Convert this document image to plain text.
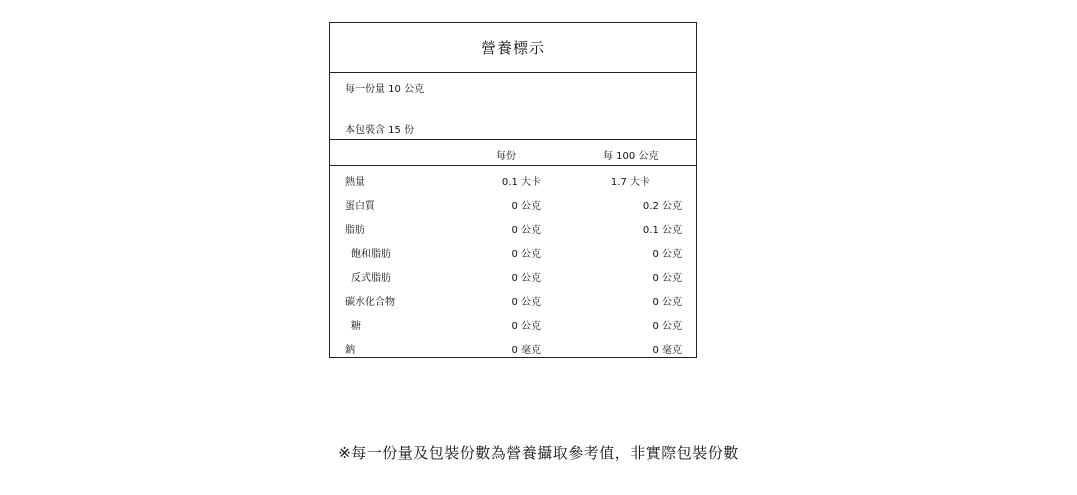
營養標示
每一份量 10 公克
本包裝含 15 份
每份	每 100 公克
熱量	0.1 大卡	1.7 大卡
蛋白質	0 公克	0.2 公克
脂肪	0 公克	0.1 公克
飽和脂肪	0 公克	0 公克
反式脂肪	0 公克	0 公克
碳水化合物	0 公克	0 公克
糖	0 公克	0 公克
鈉	0 毫克	0 毫克
※每一份量及包裝份數為營養攝取參考值，非實際包裝份數
